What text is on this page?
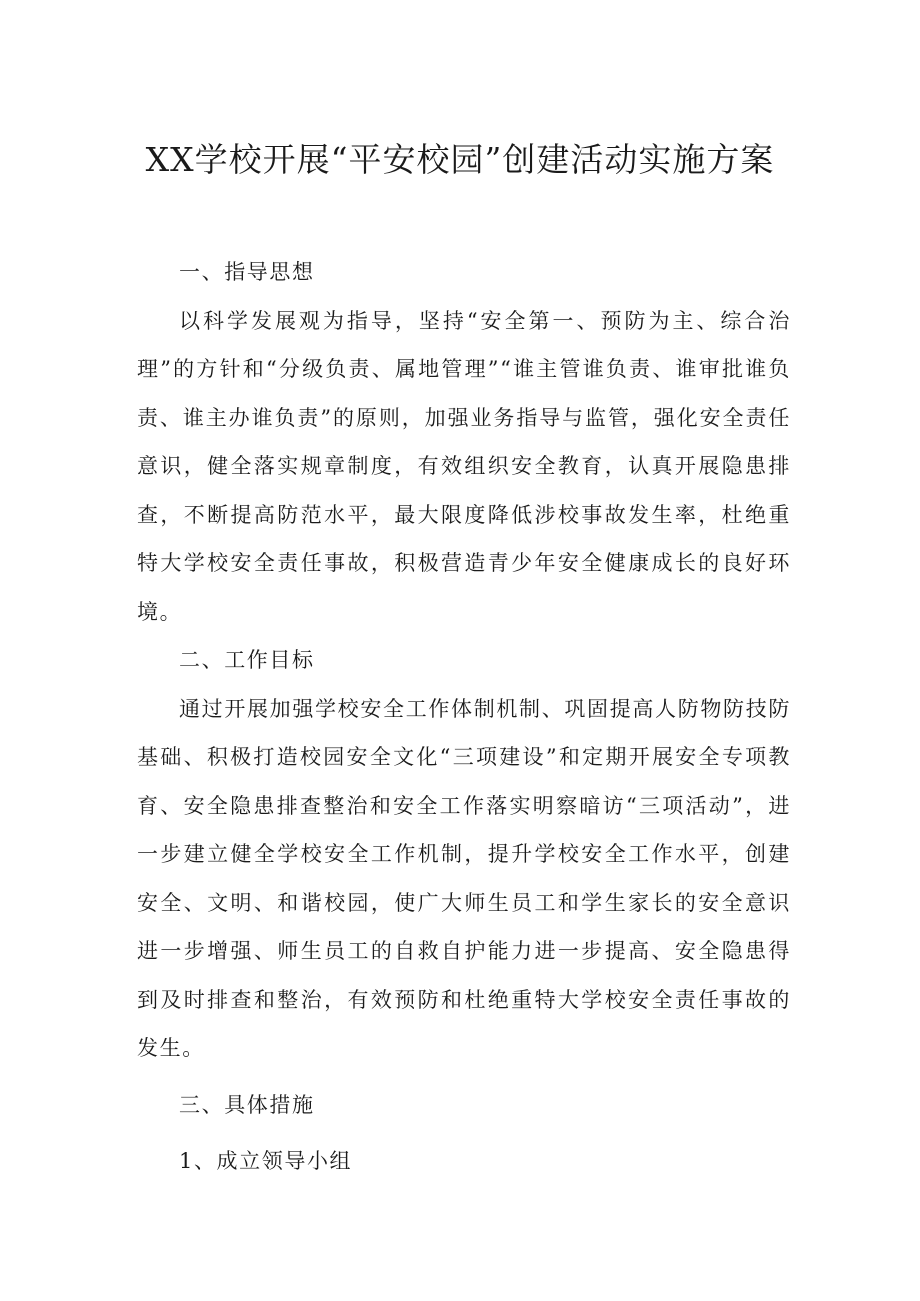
XX学校开展“平安校园”创建活动实施方案

一、指导思想

以科学发展观为指导，坚持“安全第一、预防为主、综合治理”的方针和“分级负责、属地管理”“谁主管谁负责、谁审批谁负责、谁主办谁负责”的原则，加强业务指导与监管，强化安全责任意识，健全落实规章制度，有效组织安全教育，认真开展隐患排查，不断提高防范水平，最大限度降低涉校事故发生率，杜绝重特大学校安全责任事故，积极营造青少年安全健康成长的良好环境。

二、工作目标

通过开展加强学校安全工作体制机制、巩固提高人防物防技防基础、积极打造校园安全文化“三项建设”和定期开展安全专项教育、安全隐患排查整治和安全工作落实明察暗访“三项活动”，进一步建立健全学校安全工作机制，提升学校安全工作水平，创建安全、文明、和谐校园，使广大师生员工和学生家长的安全意识进一步增强、师生员工的自救自护能力进一步提高、安全隐患得到及时排查和整治，有效预防和杜绝重特大学校安全责任事故的发生。

三、具体措施

1、成立领导小组
